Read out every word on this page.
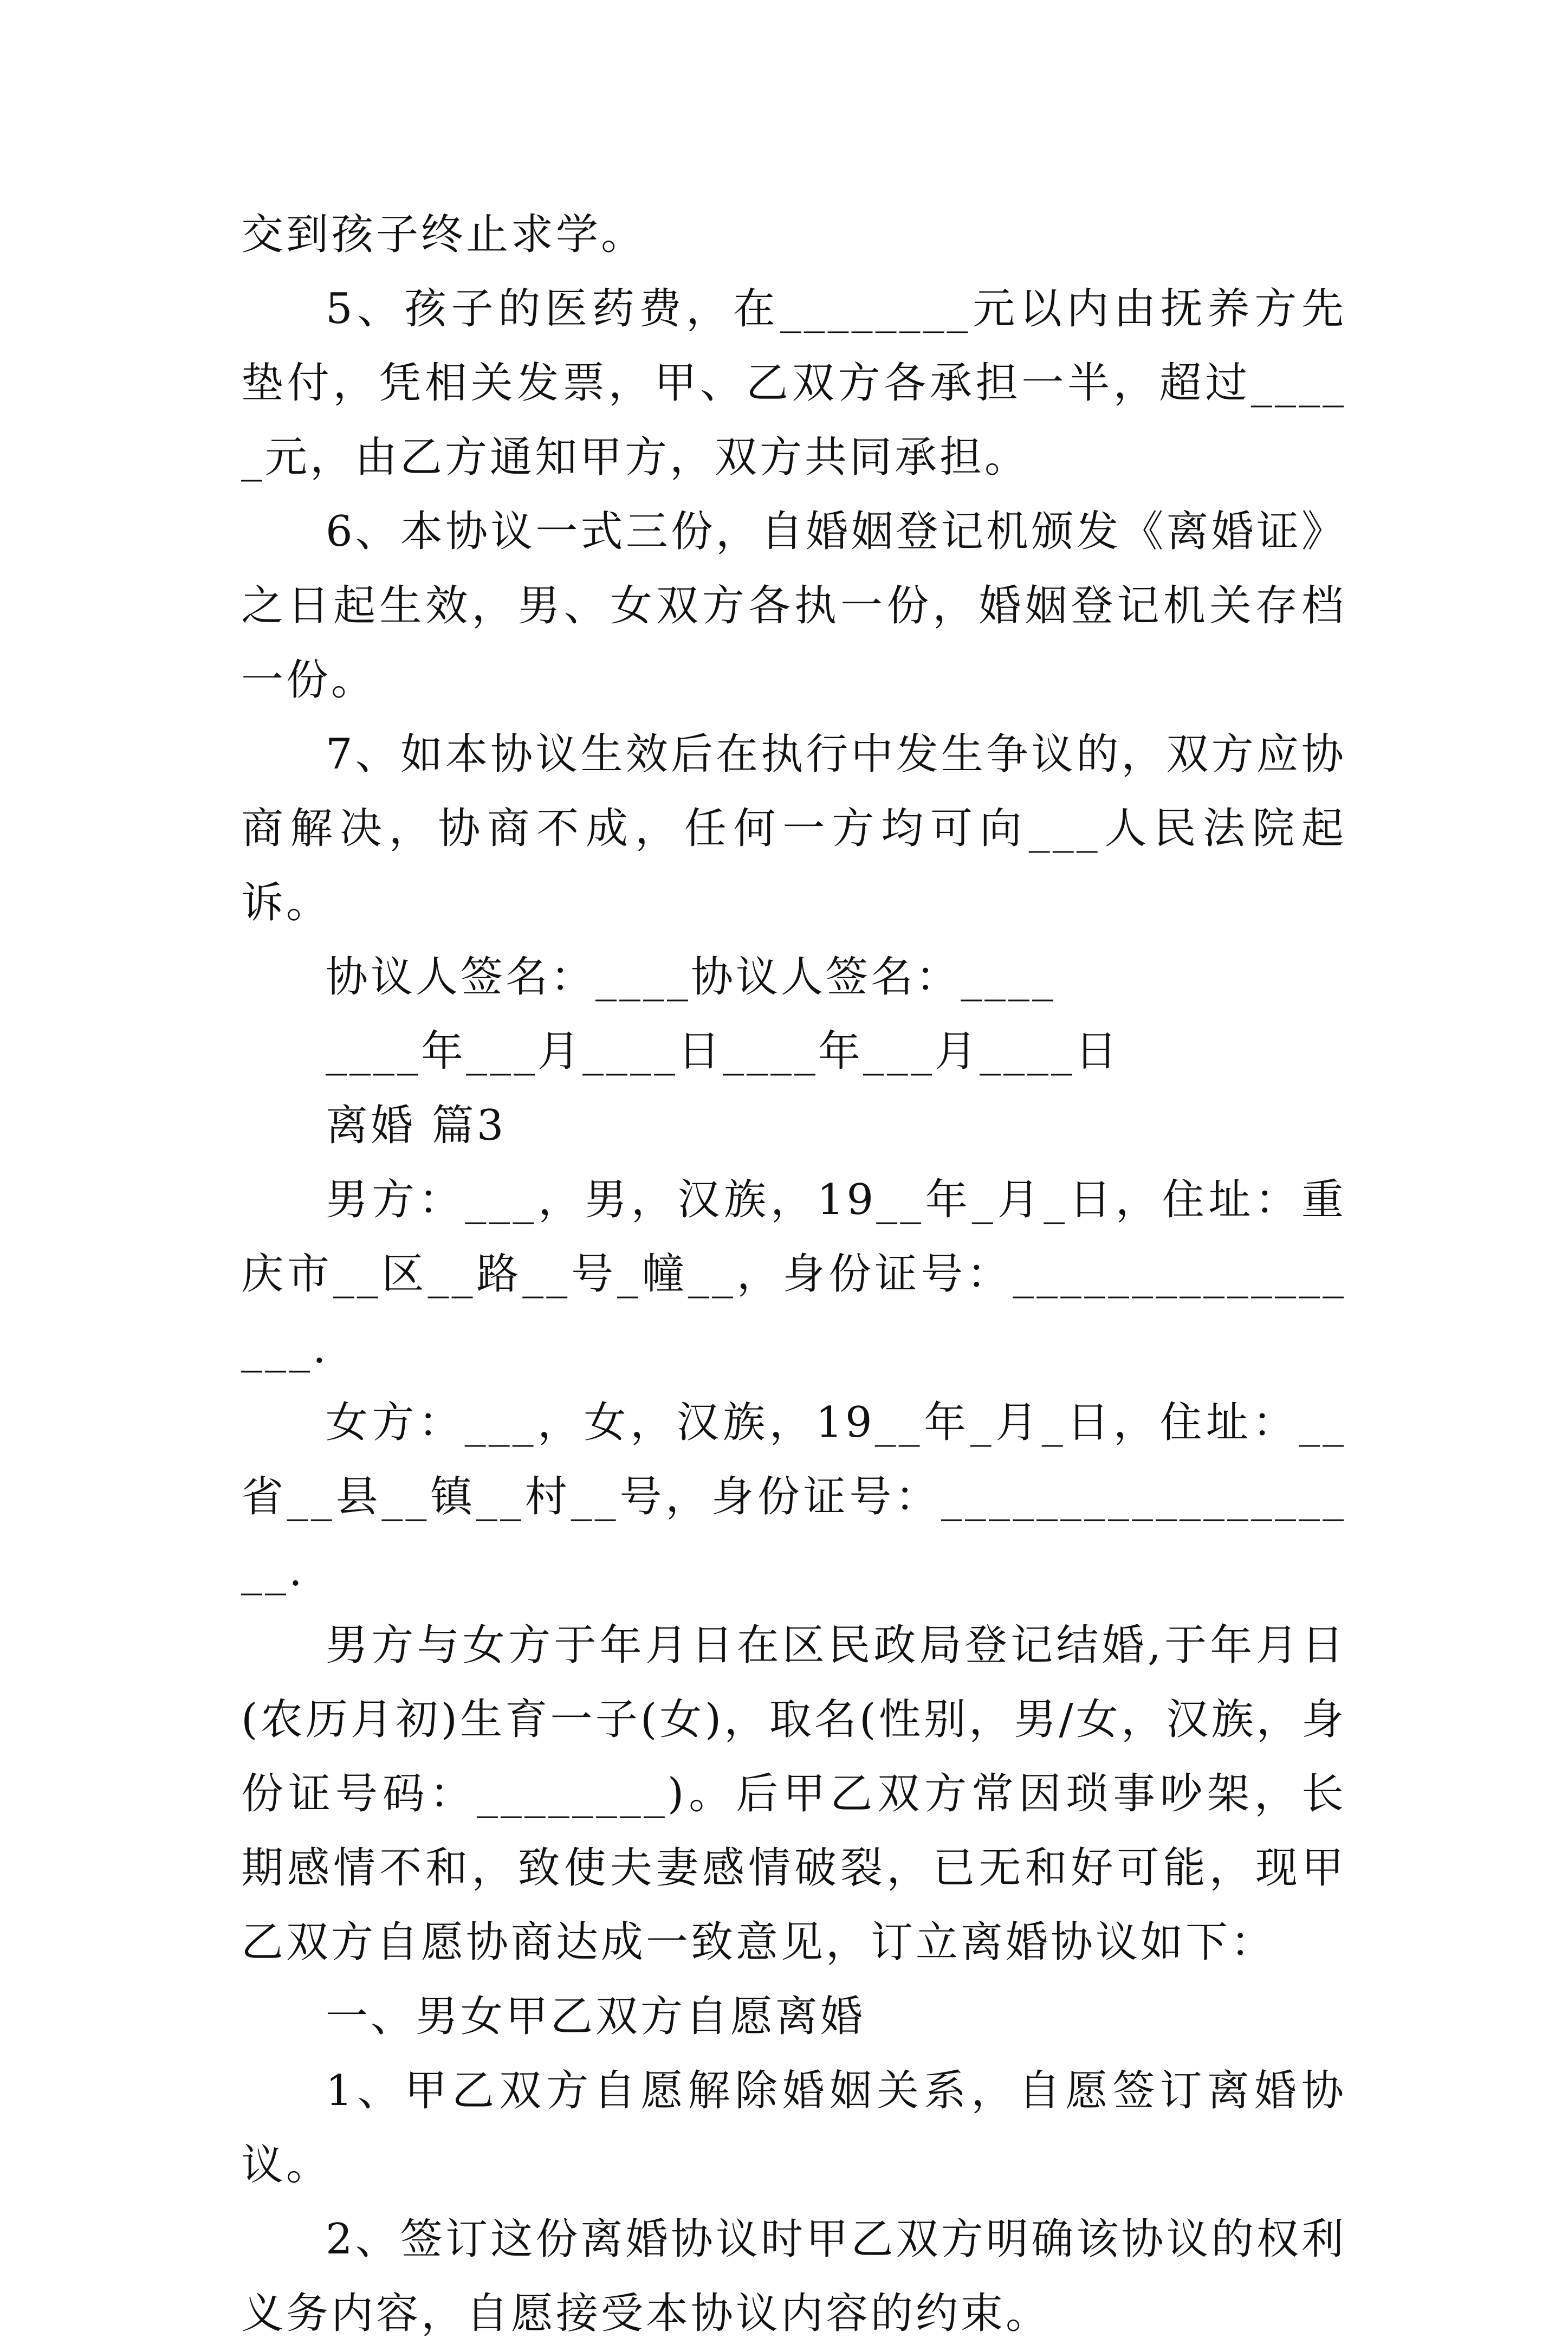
交到孩子终止求学。

5、孩子的医药费，在________元以内由抚养方先垫付，凭相关发票，甲、乙双方各承担一半，超过_____元，由乙方通知甲方，双方共同承担。

6、本协议一式三份，自婚姻登记机颁发《离婚证》之日起生效，男、女双方各执一份，婚姻登记机关存档一份。

7、如本协议生效后在执行中发生争议的，双方应协商解决，协商不成，任何一方均可向___人民法院起诉。

协议人签名：____协议人签名：____

____年___月____日____年___月____日

离婚 篇3

男方：___，男，汉族，19__年_月_日，住址：重庆市__区__路__号_幢__，身份证号：_________________.

女方：___，女，汉族，19__年_月_日，住址：__省__县__镇__村__号，身份证号：___________________.

男方与女方于年月日在区民政局登记结婚,于年月日(农历月初)生育一子(女)，取名(性别，男/女，汉族，身份证号码：________)。后甲乙双方常因琐事吵架，长期感情不和，致使夫妻感情破裂，已无和好可能，现甲乙双方自愿协商达成一致意见，订立离婚协议如下：

一、男女甲乙双方自愿离婚

1、甲乙双方自愿解除婚姻关系，自愿签订离婚协议。

2、签订这份离婚协议时甲乙双方明确该协议的权利义务内容，自愿接受本协议内容的约束。
